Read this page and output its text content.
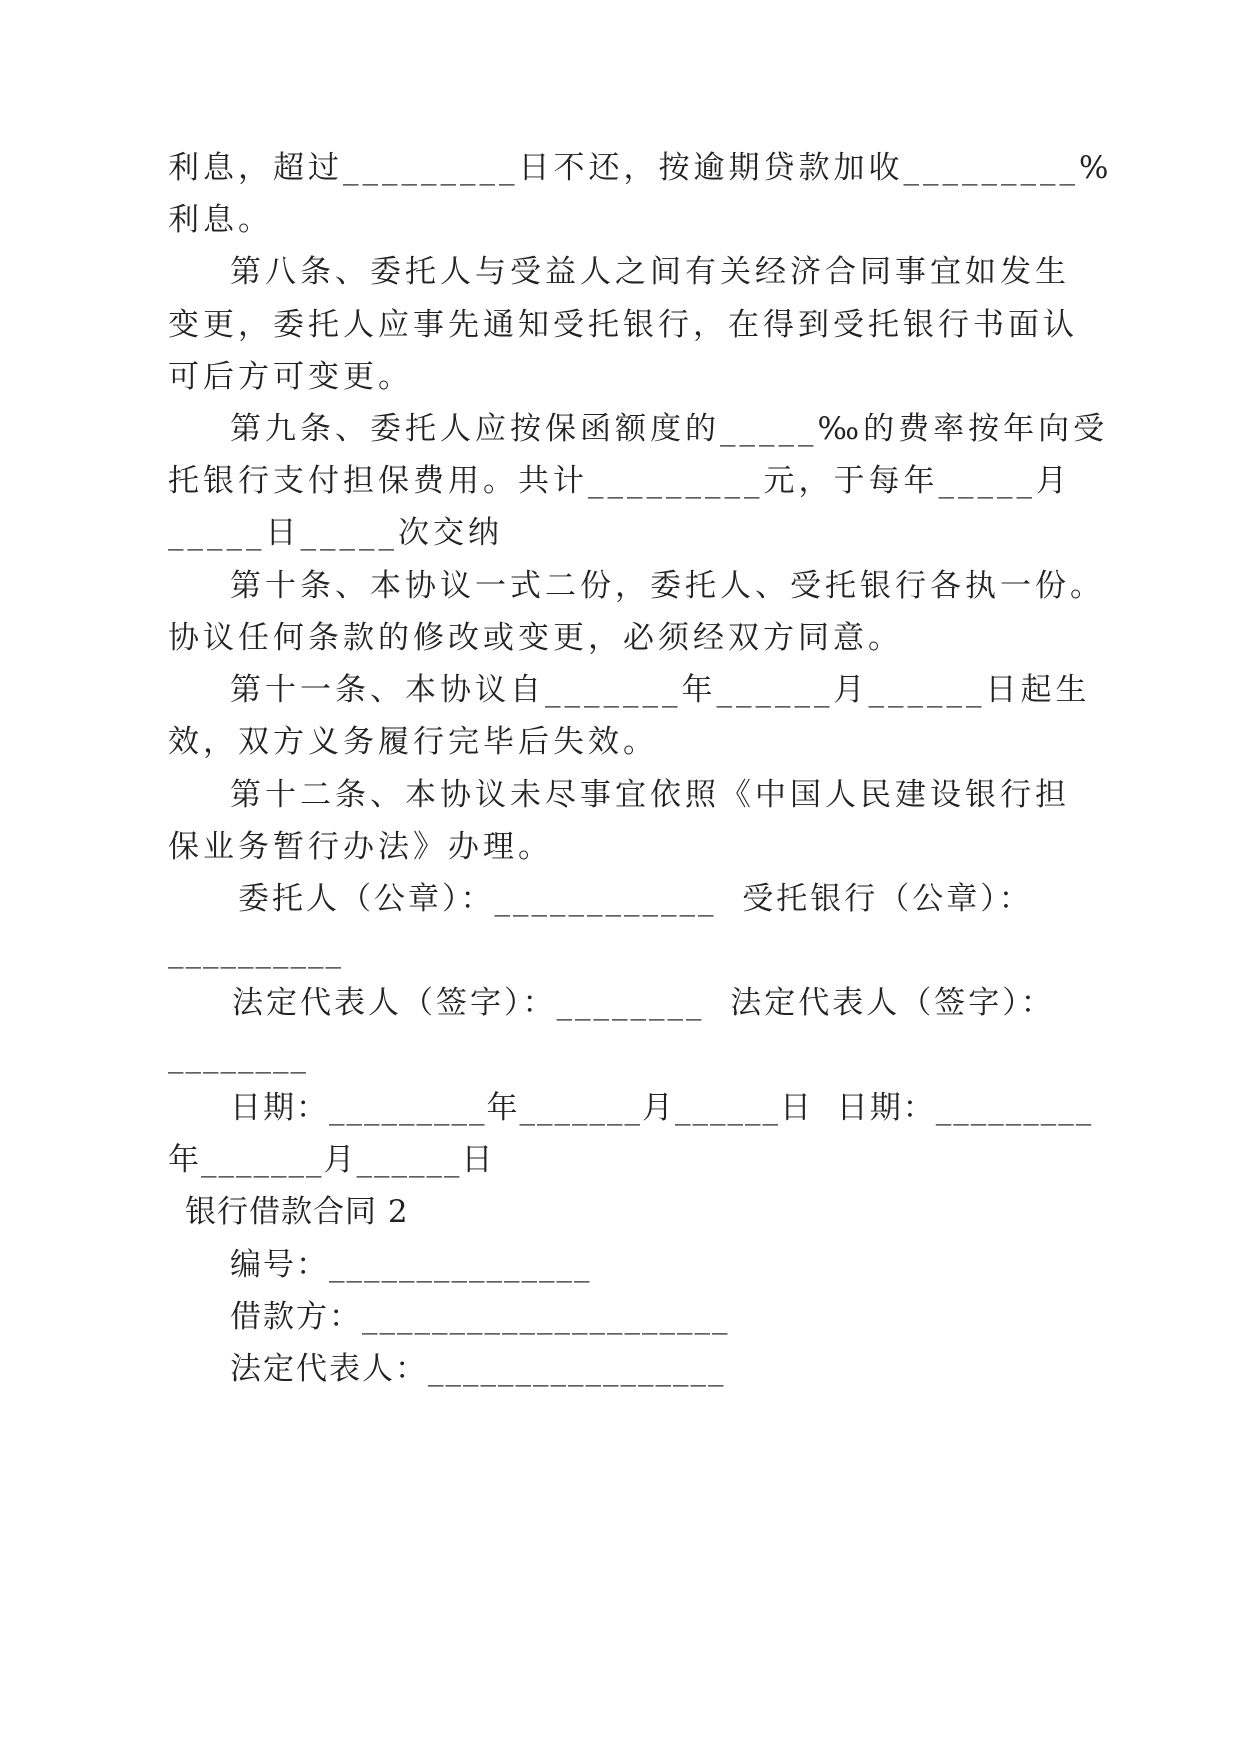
利息，超过_________日不还，按逾期贷款加收_________%
利息。
第八条、委托人与受益人之间有关经济合同事宜如发生
变更，委托人应事先通知受托银行，在得到受托银行书面认
可后方可变更。
第九条、委托人应按保函额度的_____‰的费率按年向受
托银行支付担保费用。共计_________元，于每年_____月
_____日_____次交纳
第十条、本协议一式二份，委托人、受托银行各执一份。
协议任何条款的修改或变更，必须经双方同意。
第十一条、本协议自_______年______月______日起生
效，双方义务履行完毕后失效。
第十二条、本协议未尽事宜依照《中国人民建设银行担
保业务暂行办法》办理。
委托人（公章）：____________  受托银行（公章）：
__________
法定代表人（签字）：________  法定代表人（签字）：
________
日期：_________年_______月______日  日期：_________
年_______月______日
银行借款合同 2
编号：_______________
借款方：_____________________
法定代表人：_________________
